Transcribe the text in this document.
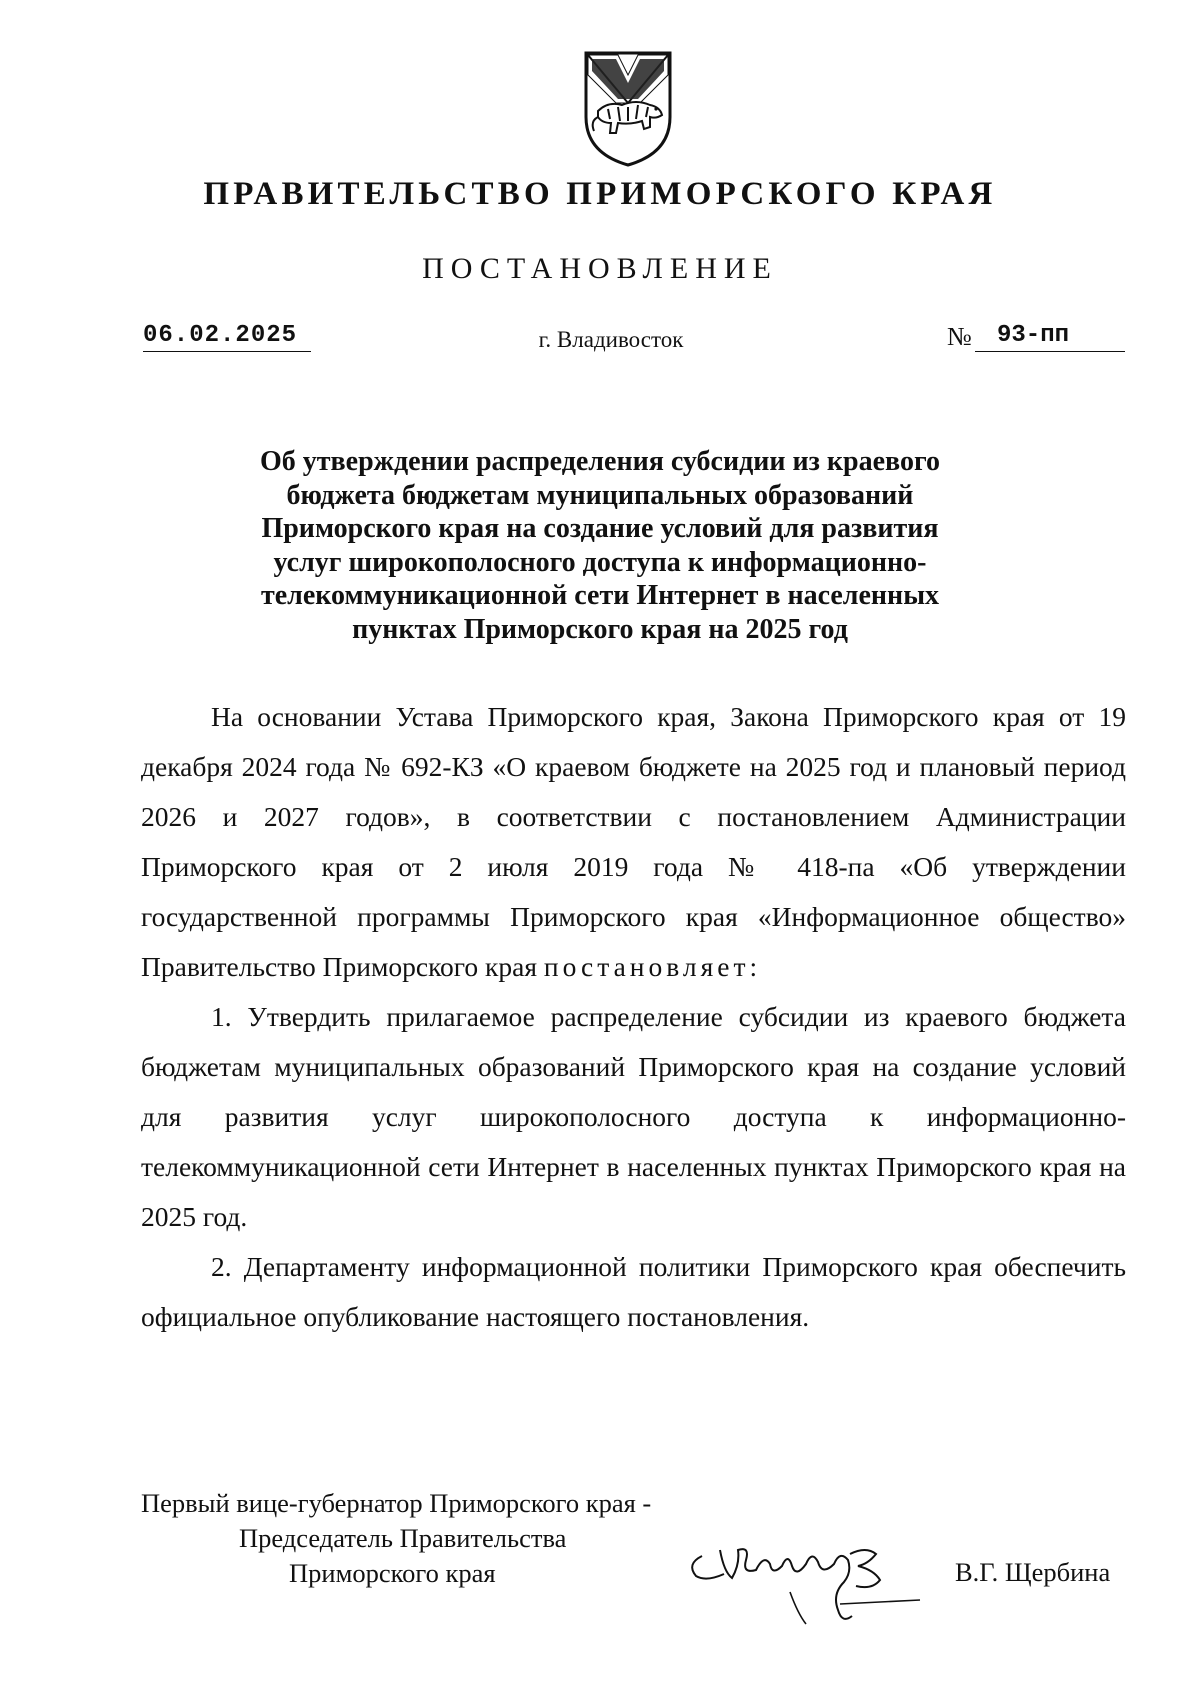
ПРАВИТЕЛЬСТВО ПРИМОРСКОГО КРАЯ
ПОСТАНОВЛЕНИЕ
06.02.2025	г. Владивосток	№	93-пп
Об утверждении распределения субсидии из краевого
бюджета бюджетам муниципальных образований
Приморского края на создание условий для развития
услуг широкополосного доступа к информационно-
телекоммуникационной сети Интернет в населенных
пунктах Приморского края на 2025 год

На основании Устава Приморского края, Закона Приморского края от 19 декабря 2024 года № 692-КЗ «О краевом бюджете на 2025 год и плановый период 2026 и 2027 годов», в соответствии с постановлением Администрации Приморского края от 2 июля 2019 года № 418-па «Об утверждении государственной программы Приморского края «Информационное общество» Правительство Приморского края постановляет:

1. Утвердить прилагаемое распределение субсидии из краевого бюджета бюджетам муниципальных образований Приморского края на создание условий для развития услуг широкополосного доступа к информационно-телекоммуникационной сети Интернет в населенных пунктах Приморского края на 2025 год.

2. Департаменту информационной политики Приморского края обеспечить официальное опубликование настоящего постановления.

Первый вице-губернатор Приморского края -
Председатель Правительства
Приморского края	В.Г. Щербина
